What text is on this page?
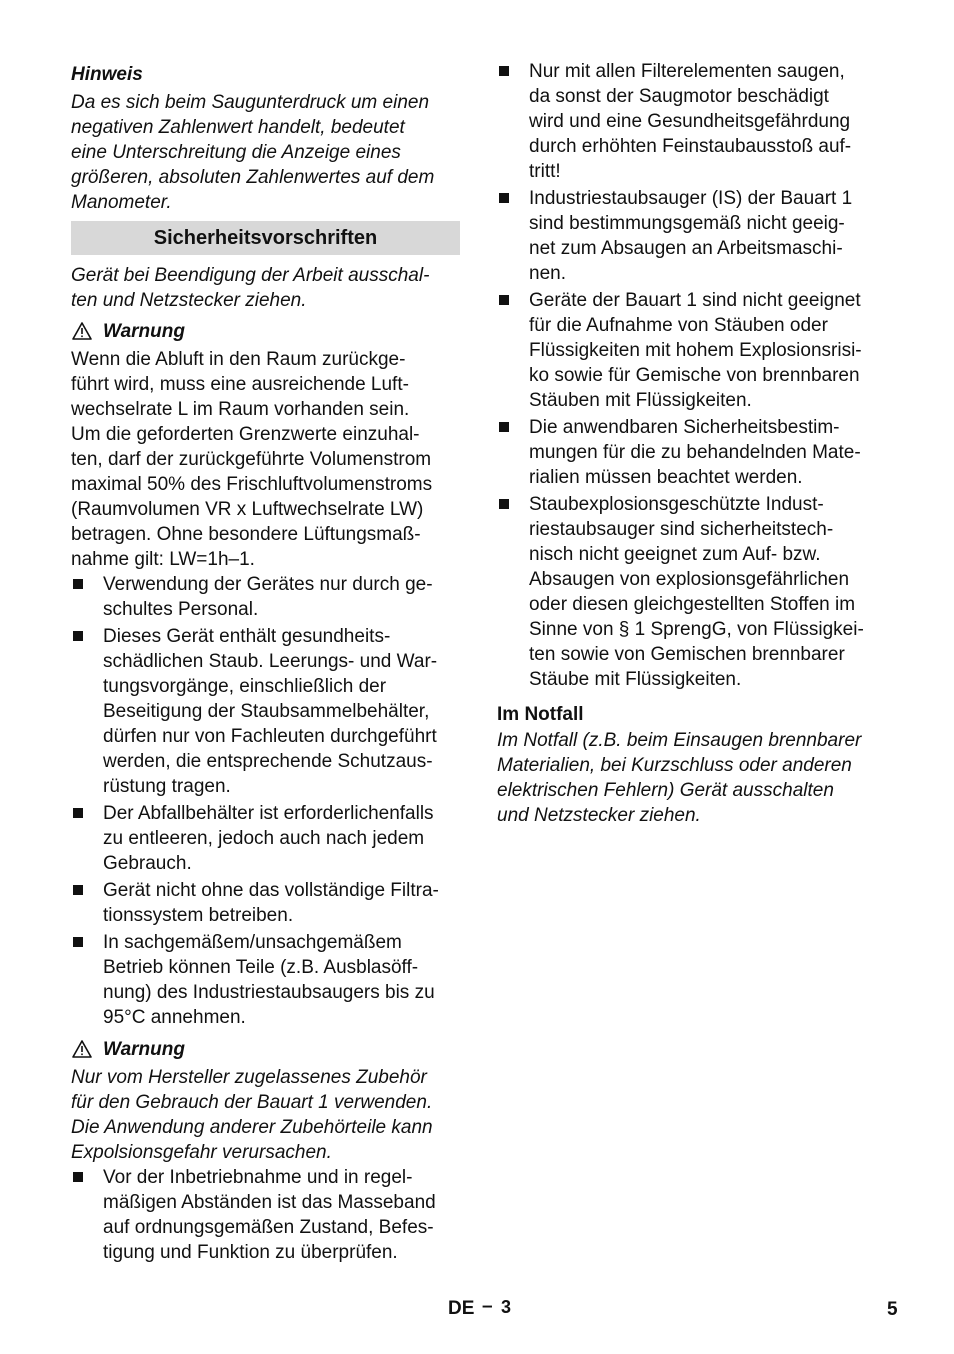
Hinweis
Da es sich beim Saugunterdruck um einen
negativen Zahlenwert handelt, bedeutet
eine Unterschreitung die Anzeige eines
größeren, absoluten Zahlenwertes auf dem
Manometer.
Sicherheitsvorschriften
Gerät bei Beendigung der Arbeit ausschal-
ten und Netzstecker ziehen.
Warnung
Wenn die Abluft in den Raum zurückge-
führt wird, muss eine ausreichende Luft-
wechselrate L im Raum vorhanden sein.
Um die geforderten Grenzwerte einzuhal-
ten, darf der zurückgeführte Volumenstrom
maximal 50% des Frischluftvolumenstroms
(Raumvolumen VR x Luftwechselrate LW)
betragen. Ohne besondere Lüftungsmaß-
nahme gilt: LW=1h–1.
Verwendung der Gerätes nur durch ge-
schultes Personal.
Dieses Gerät enthält gesundheits-
schädlichen Staub. Leerungs- und War-
tungsvorgänge, einschließlich der
Beseitigung der Staubsammelbehälter,
dürfen nur von Fachleuten durchgeführt
werden, die entsprechende Schutzaus-
rüstung tragen.
Der Abfallbehälter ist erforderlichenfalls
zu entleeren, jedoch auch nach jedem
Gebrauch.
Gerät nicht ohne das vollständige Filtra-
tionssystem betreiben.
In sachgemäßem/unsachgemäßem
Betrieb können Teile (z.B. Ausblasöff-
nung) des Industriestaubsaugers bis zu
95°C annehmen.
Warnung
Nur vom Hersteller zugelassenes Zubehör
für den Gebrauch der Bauart 1 verwenden.
Die Anwendung anderer Zubehörteile kann
Expolsionsgefahr verursachen.
Vor der Inbetriebnahme und in regel-
mäßigen Abständen ist das Masseband
auf ordnungsgemäßen Zustand, Befes-
tigung und Funktion zu überprüfen.
Nur mit allen Filterelementen saugen,
da sonst der Saugmotor beschädigt
wird und eine Gesundheitsgefährdung
durch erhöhten Feinstaubausstoß auf-
tritt!
Industriestaubsauger (IS) der Bauart 1
sind bestimmungsgemäß nicht geeig-
net zum Absaugen an Arbeitsmaschi-
nen.
Geräte der Bauart 1 sind nicht geeignet
für die Aufnahme von Stäuben oder
Flüssigkeiten mit hohem Explosionsrisi-
ko sowie für Gemische von brennbaren
Stäuben mit Flüssigkeiten.
Die anwendbaren Sicherheitsbestim-
mungen für die zu behandelnden Mate-
rialien müssen beachtet werden.
Staubexplosionsgeschützte Indust-
riestaubsauger sind sicherheitstech-
nisch nicht geeignet zum Auf- bzw.
Absaugen von explosionsgefährlichen
oder diesen gleichgestellten Stoffen im
Sinne von § 1 SprengG, von Flüssigkei-
ten sowie von Gemischen brennbarer
Stäube mit Flüssigkeiten.
Im Notfall
Im Notfall (z.B. beim Einsaugen brennbarer
Materialien, bei Kurzschluss oder anderen
elektrischen Fehlern) Gerät ausschalten
und Netzstecker ziehen.
DE – 3	5
